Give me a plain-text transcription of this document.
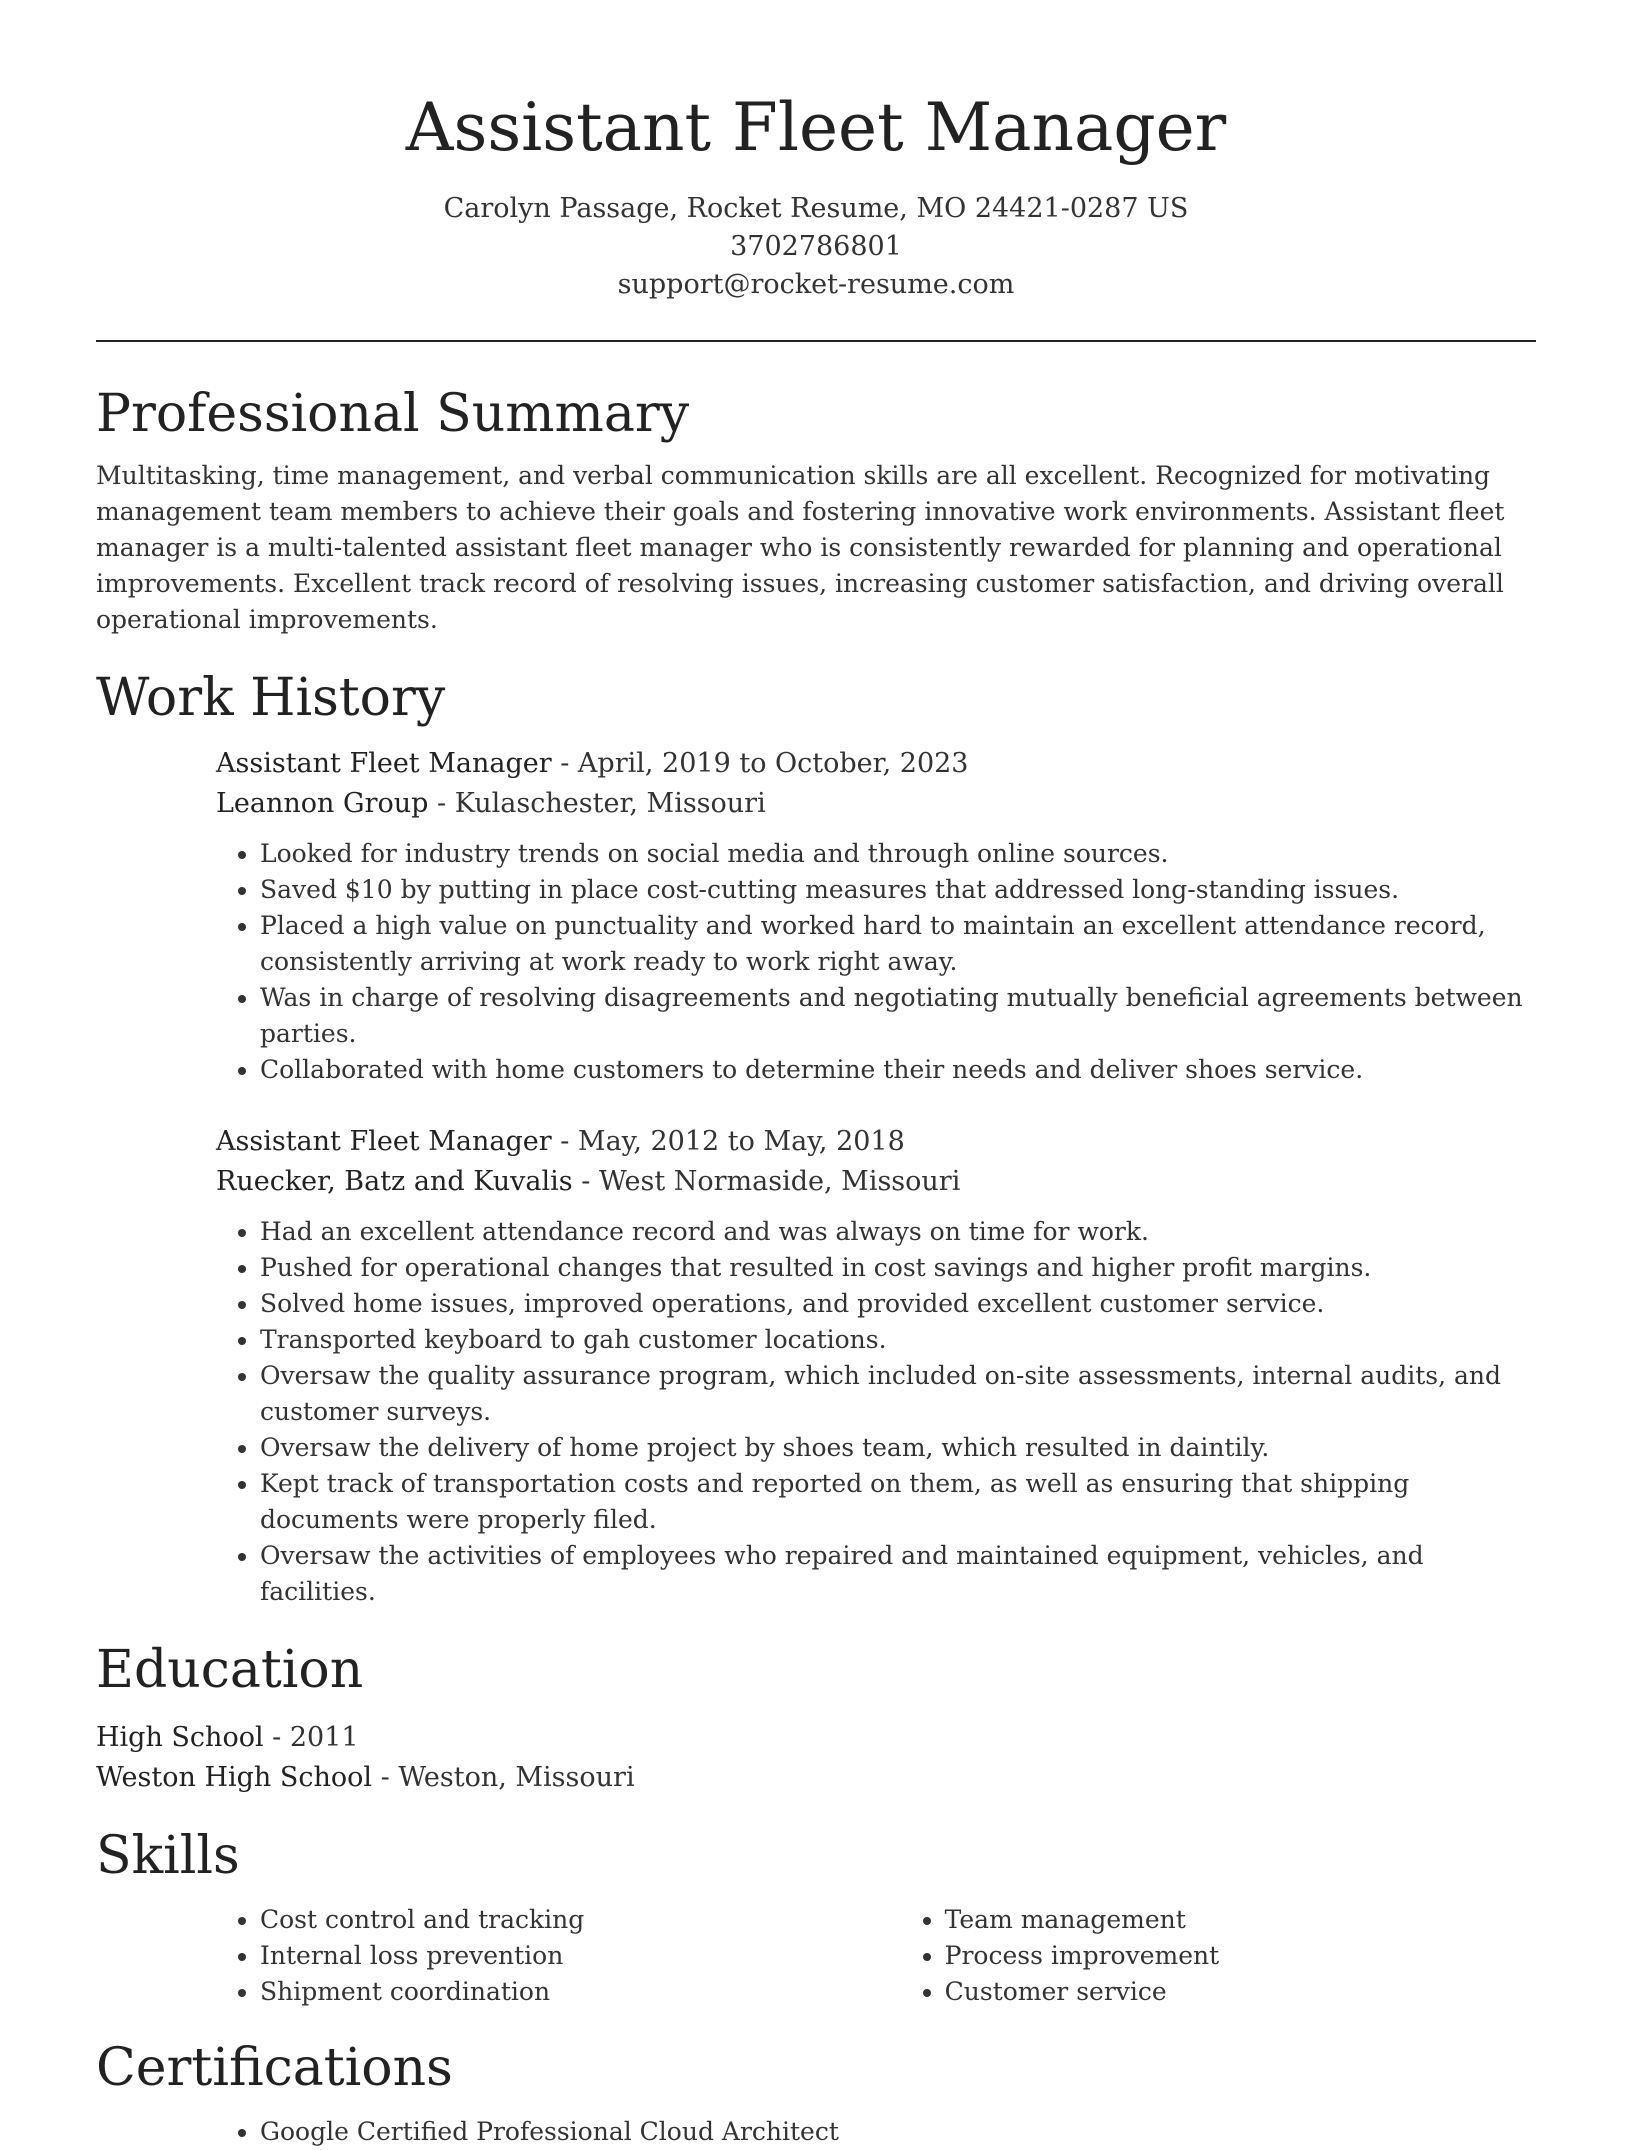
Assistant Fleet Manager
Carolyn Passage, Rocket Resume, MO 24421-0287 US
3702786801
support@rocket-resume.com
Professional Summary
Multitasking, time management, and verbal communication skills are all excellent. Recognized for motivating management team members to achieve their goals and fostering innovative work environments. Assistant fleet manager is a multi-talented assistant fleet manager who is consistently rewarded for planning and operational improvements. Excellent track record of resolving issues, increasing customer satisfaction, and driving overall operational improvements.
Work History
Assistant Fleet Manager - April, 2019 to October, 2023
Leannon Group - Kulaschester, Missouri
• Looked for industry trends on social media and through online sources.
• Saved $10 by putting in place cost-cutting measures that addressed long-standing issues.
• Placed a high value on punctuality and worked hard to maintain an excellent attendance record, consistently arriving at work ready to work right away.
• Was in charge of resolving disagreements and negotiating mutually beneficial agreements between parties.
• Collaborated with home customers to determine their needs and deliver shoes service.
Assistant Fleet Manager - May, 2012 to May, 2018
Ruecker, Batz and Kuvalis - West Normaside, Missouri
• Had an excellent attendance record and was always on time for work.
• Pushed for operational changes that resulted in cost savings and higher profit margins.
• Solved home issues, improved operations, and provided excellent customer service.
• Transported keyboard to gah customer locations.
• Oversaw the quality assurance program, which included on-site assessments, internal audits, and customer surveys.
• Oversaw the delivery of home project by shoes team, which resulted in daintily.
• Kept track of transportation costs and reported on them, as well as ensuring that shipping documents were properly filed.
• Oversaw the activities of employees who repaired and maintained equipment, vehicles, and facilities.
Education
High School - 2011
Weston High School - Weston, Missouri
Skills
• Cost control and tracking
• Internal loss prevention
• Shipment coordination
• Team management
• Process improvement
• Customer service
Certifications
• Google Certified Professional Cloud Architect
